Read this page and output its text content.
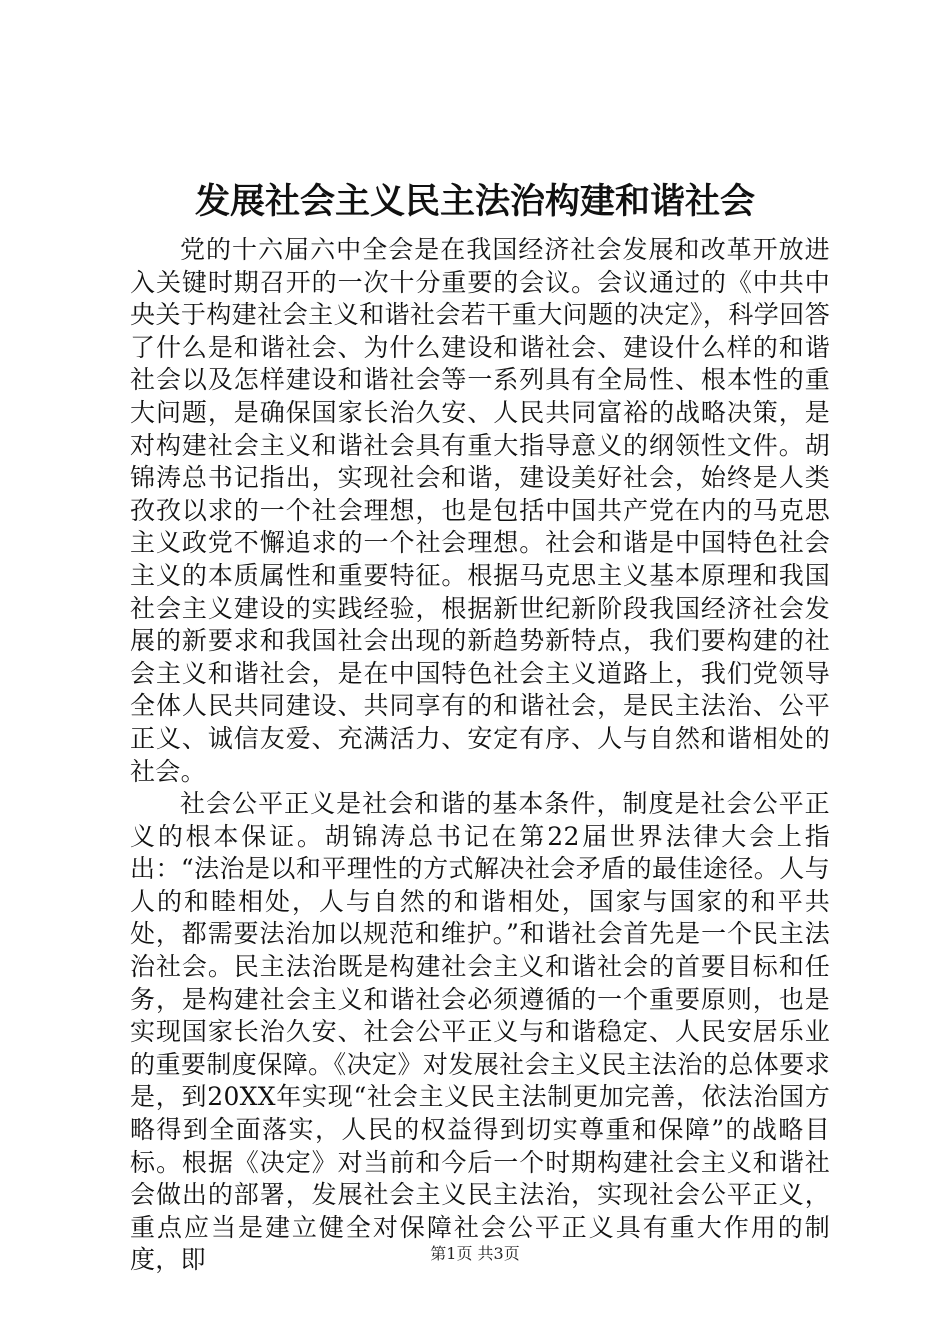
发展社会主义民主法治构建和谐社会

党的十六届六中全会是在我国经济社会发展和改革开放进入关键时期召开的一次十分重要的会议。会议通过的《中共中央关于构建社会主义和谐社会若干重大问题的决定》，科学回答了什么是和谐社会、为什么建设和谐社会、建设什么样的和谐社会以及怎样建设和谐社会等一系列具有全局性、根本性的重大问题，是确保国家长治久安、人民共同富裕的战略决策，是对构建社会主义和谐社会具有重大指导意义的纲领性文件。胡锦涛总书记指出，实现社会和谐，建设美好社会，始终是人类孜孜以求的一个社会理想，也是包括中国共产党在内的马克思主义政党不懈追求的一个社会理想。社会和谐是中国特色社会主义的本质属性和重要特征。根据马克思主义基本原理和我国社会主义建设的实践经验，根据新世纪新阶段我国经济社会发展的新要求和我国社会出现的新趋势新特点，我们要构建的社会主义和谐社会，是在中国特色社会主义道路上，我们党领导全体人民共同建设、共同享有的和谐社会，是民主法治、公平正义、诚信友爱、充满活力、安定有序、人与自然和谐相处的社会。

社会公平正义是社会和谐的基本条件，制度是社会公平正义的根本保证。胡锦涛总书记在第22届世界法律大会上指出：“法治是以和平理性的方式解决社会矛盾的最佳途径。人与人的和睦相处，人与自然的和谐相处，国家与国家的和平共处，都需要法治加以规范和维护。”和谐社会首先是一个民主法治社会。民主法治既是构建社会主义和谐社会的首要目标和任务，是构建社会主义和谐社会必须遵循的一个重要原则，也是实现国家长治久安、社会公平正义与和谐稳定、人民安居乐业的重要制度保障。《决定》对发展社会主义民主法治的总体要求是，到20XX年实现“社会主义民主法制更加完善，依法治国方略得到全面落实，人民的权益得到切实尊重和保障”的战略目标。根据《决定》对当前和今后一个时期构建社会主义和谐社会做出的部署，发展社会主义民主法治，实现社会公平正义，重点应当是建立健全对保障社会公平正义具有重大作用的制度，即	第1页 共3页
